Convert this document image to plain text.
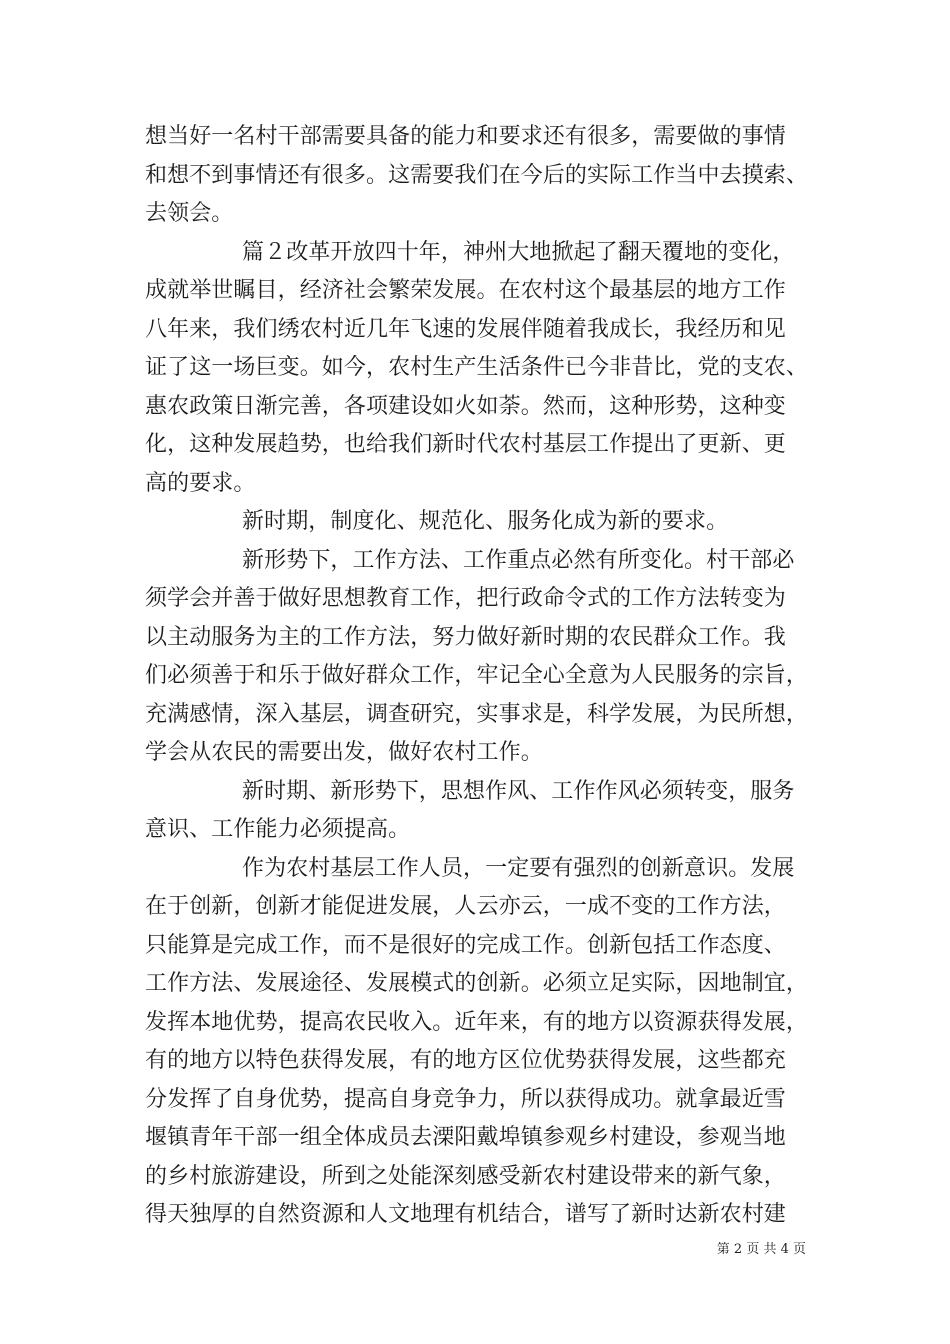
想当好一名村干部需要具备的能力和要求还有很多，需要做的事情
和想不到事情还有很多。这需要我们在今后的实际工作当中去摸索、
去领会。
篇２改革开放四十年，神州大地掀起了翻天覆地的变化，
成就举世瞩目，经济社会繁荣发展。在农村这个最基层的地方工作
八年来，我们绣农村近几年飞速的发展伴随着我成长，我经历和见
证了这一场巨变。如今，农村生产生活条件已今非昔比，党的支农、
惠农政策日渐完善，各项建设如火如荼。然而，这种形势，这种变
化，这种发展趋势，也给我们新时代农村基层工作提出了更新、更
高的要求。
新时期，制度化、规范化、服务化成为新的要求。
新形势下，工作方法、工作重点必然有所变化。村干部必
须学会并善于做好思想教育工作，把行政命令式的工作方法转变为
以主动服务为主的工作方法，努力做好新时期的农民群众工作。我
们必须善于和乐于做好群众工作，牢记全心全意为人民服务的宗旨，
充满感情，深入基层，调查研究，实事求是，科学发展，为民所想，
学会从农民的需要出发，做好农村工作。
新时期、新形势下，思想作风、工作作风必须转变，服务
意识、工作能力必须提高。
作为农村基层工作人员，一定要有强烈的创新意识。发展
在于创新，创新才能促进发展，人云亦云，一成不变的工作方法，
只能算是完成工作，而不是很好的完成工作。创新包括工作态度、
工作方法、发展途径、发展模式的创新。必须立足实际，因地制宜，
发挥本地优势，提高农民收入。近年来，有的地方以资源获得发展，
有的地方以特色获得发展，有的地方区位优势获得发展，这些都充
分发挥了自身优势，提高自身竞争力，所以获得成功。就拿最近雪
堰镇青年干部一组全体成员去溧阳戴埠镇参观乡村建设，参观当地
的乡村旅游建设，所到之处能深刻感受新农村建设带来的新气象，
得天独厚的自然资源和人文地理有机结合，谱写了新时达新农村建
第 2 页 共 4 页
